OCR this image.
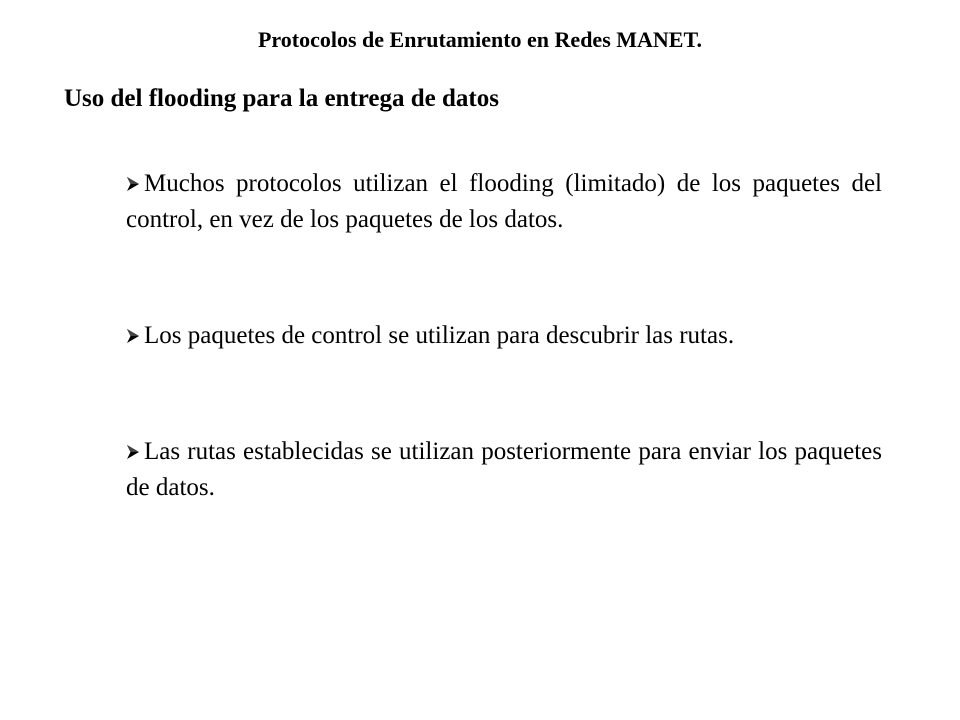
Protocolos de Enrutamiento en Redes MANET.
Uso del flooding para la entrega de datos
Muchos protocolos utilizan el flooding (limitado) de los paquetes del control, en vez de los paquetes de los datos.
Los paquetes de control se utilizan para descubrir las rutas.
Las rutas establecidas se utilizan posteriormente para enviar los paquetes de datos.
